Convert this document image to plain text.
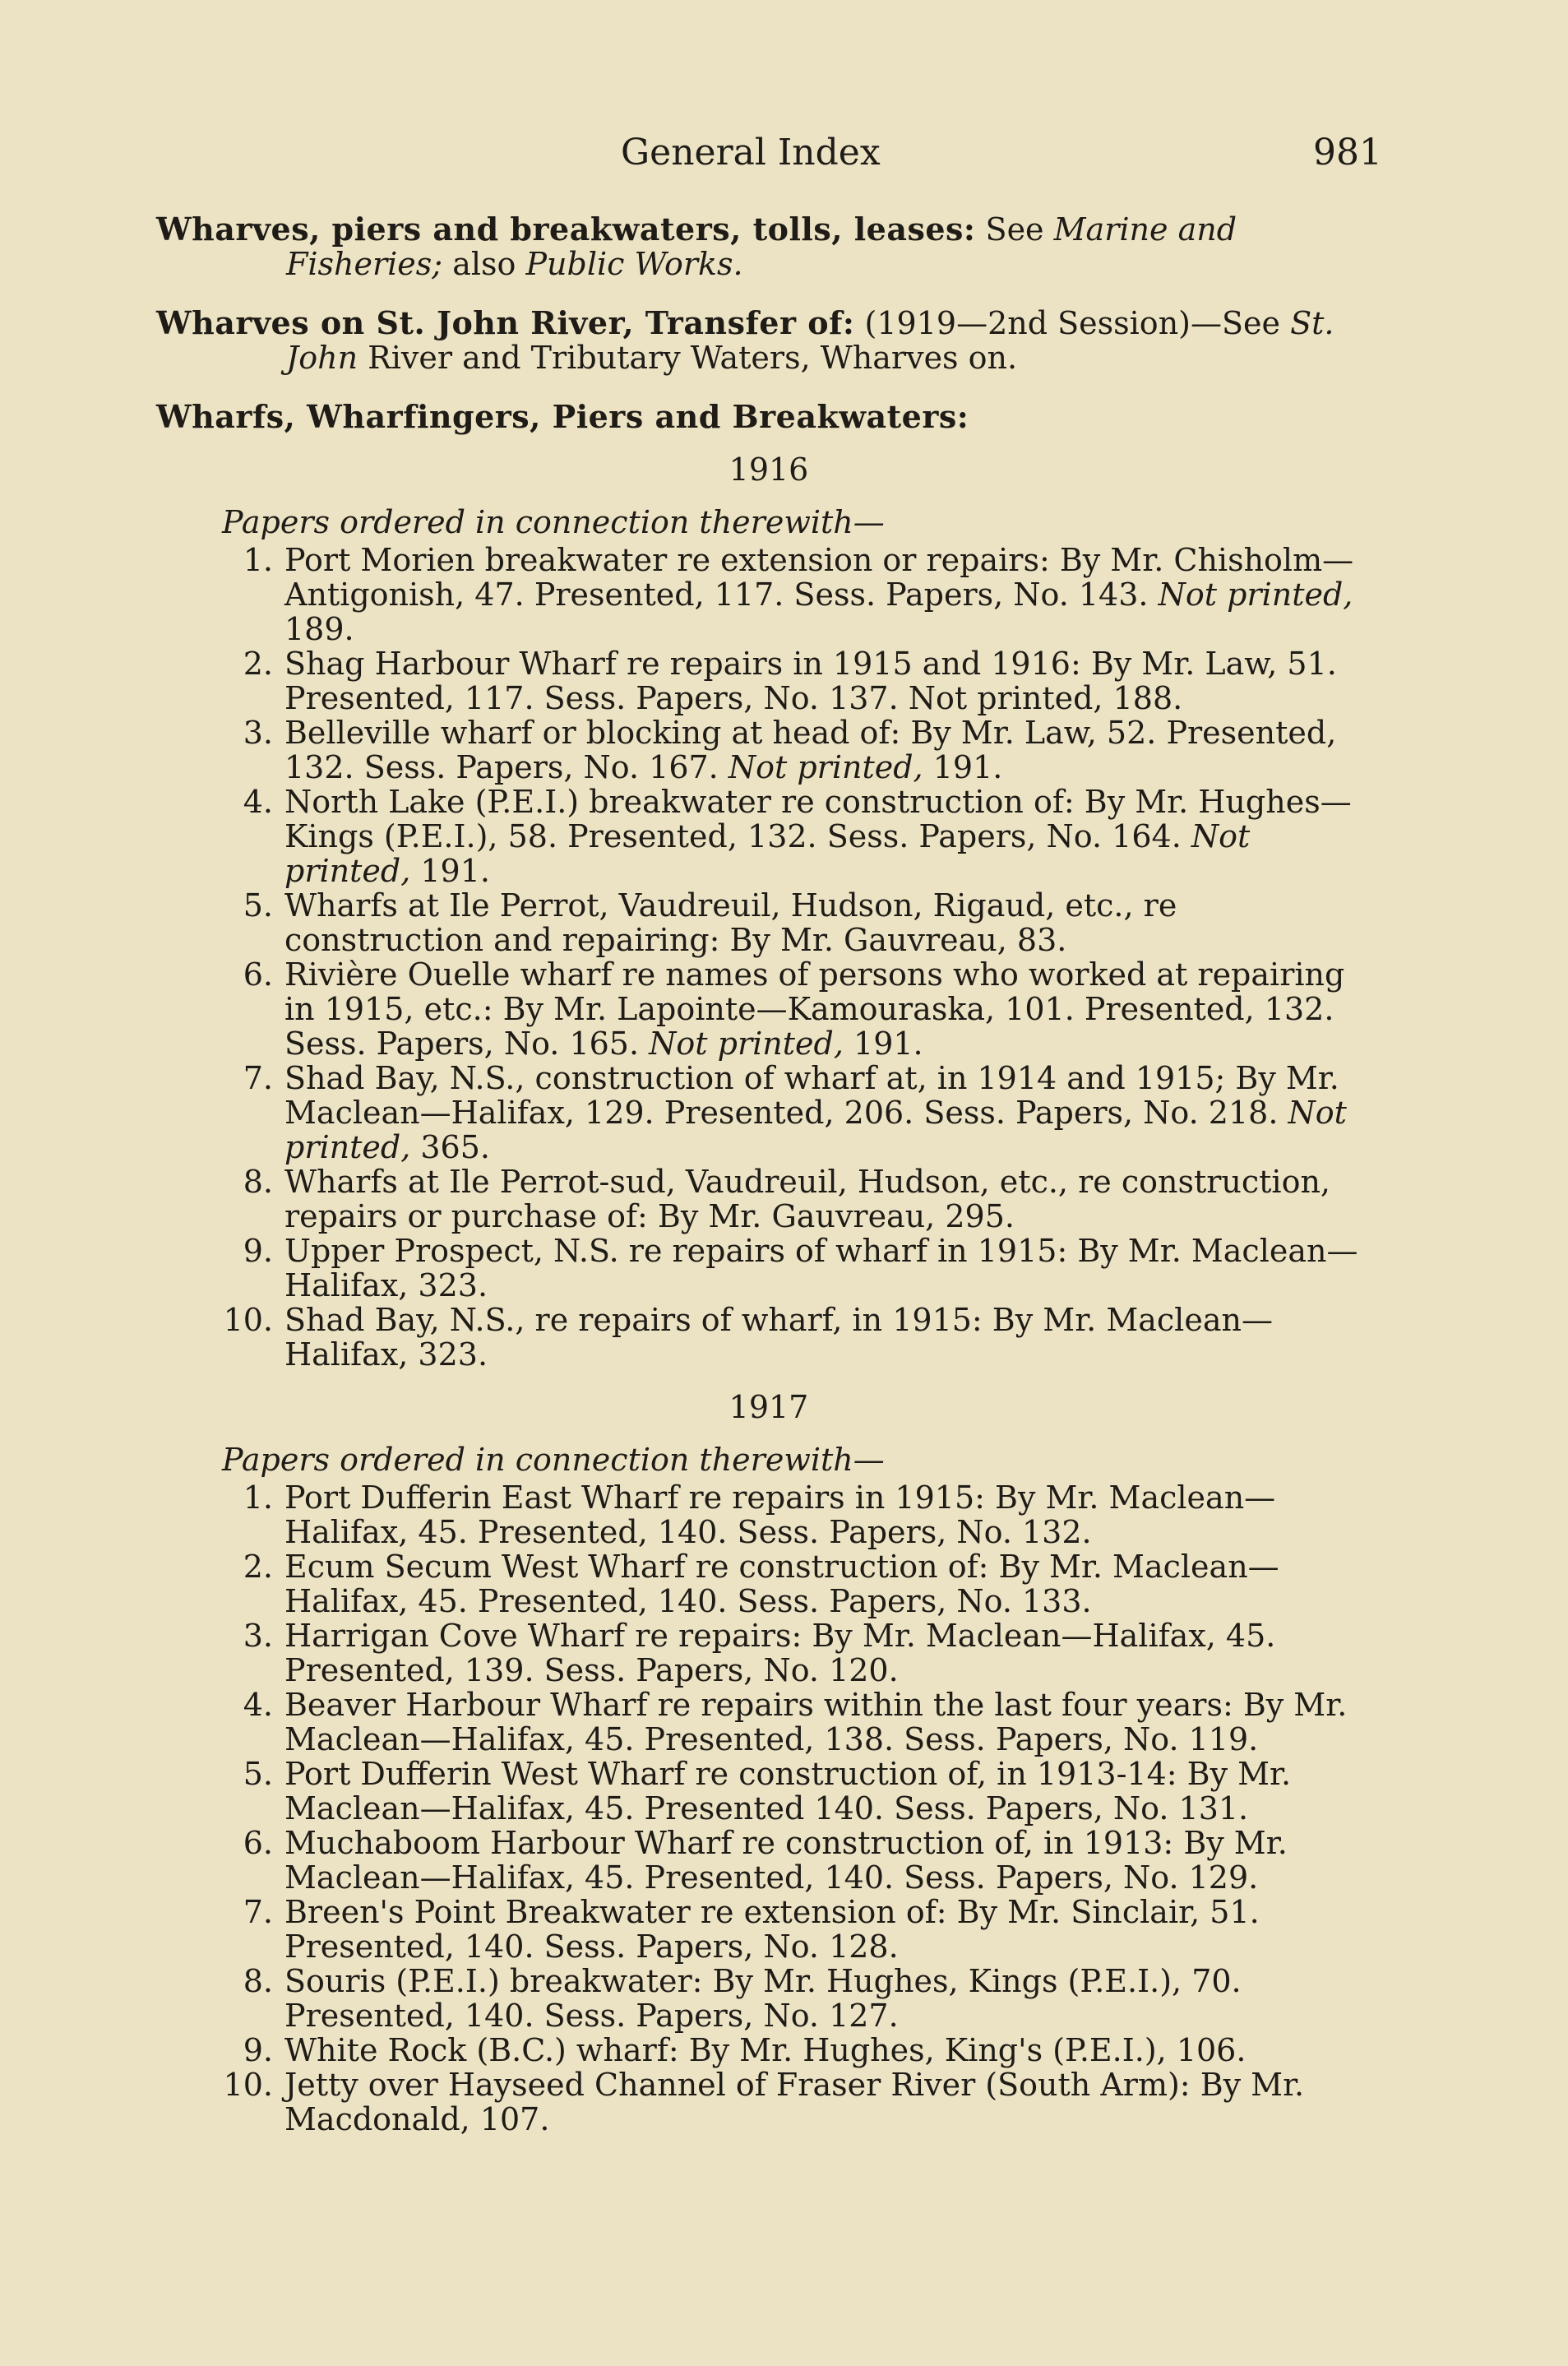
General Index	981

Wharves, piers and breakwaters, tolls, leases: See Marine and Fisheries; also Public Works.

Wharves on St. John River, Transfer of: (1919—2nd Session)—See St. John River and Tributary Waters, Wharves on.

Wharfs, Wharfingers, Piers and Breakwaters:

1916
Papers ordered in connection therewith—
1. Port Morien breakwater re extension or repairs: By Mr. Chisholm—Antigonish, 47. Presented, 117. Sess. Papers, No. 143. Not printed, 189.
2. Shag Harbour Wharf re repairs in 1915 and 1916: By Mr. Law, 51. Presented, 117. Sess. Papers, No. 137. Not printed, 188.
3. Belleville wharf or blocking at head of: By Mr. Law, 52. Presented, 132. Sess. Papers, No. 167. Not printed, 191.
4. North Lake (P.E.I.) breakwater re construction of: By Mr. Hughes—Kings (P.E.I.), 58. Presented, 132. Sess. Papers, No. 164. Not printed, 191.
5. Wharfs at Ile Perrot, Vaudreuil, Hudson, Rigaud, etc., re construction and repairing: By Mr. Gauvreau, 83.
6. Rivière Ouelle wharf re names of persons who worked at repairing in 1915, etc.: By Mr. Lapointe—Kamouraska, 101. Presented, 132. Sess. Papers, No. 165. Not printed, 191.
7. Shad Bay, N.S., construction of wharf at, in 1914 and 1915; By Mr. Maclean—Halifax, 129. Presented, 206. Sess. Papers, No. 218. Not printed, 365.
8. Wharfs at Ile Perrot-sud, Vaudreuil, Hudson, etc., re construction, repairs or purchase of: By Mr. Gauvreau, 295.
9. Upper Prospect, N.S. re repairs of wharf in 1915: By Mr. Maclean—Halifax, 323.
10. Shad Bay, N.S., re repairs of wharf, in 1915: By Mr. Maclean—Halifax, 323.
1917
Papers ordered in connection therewith—
1. Port Dufferin East Wharf re repairs in 1915: By Mr. Maclean—Halifax, 45. Presented, 140. Sess. Papers, No. 132.
2. Ecum Secum West Wharf re construction of: By Mr. Maclean—Halifax, 45. Presented, 140. Sess. Papers, No. 133.
3. Harrigan Cove Wharf re repairs: By Mr. Maclean—Halifax, 45. Presented, 139. Sess. Papers, No. 120.
4. Beaver Harbour Wharf re repairs within the last four years: By Mr. Maclean—Halifax, 45. Presented, 138. Sess. Papers, No. 119.
5. Port Dufferin West Wharf re construction of, in 1913-14: By Mr. Maclean—Halifax, 45. Presented 140. Sess. Papers, No. 131.
6. Muchaboom Harbour Wharf re construction of, in 1913: By Mr. Maclean—Halifax, 45. Presented, 140. Sess. Papers, No. 129.
7. Breen's Point Breakwater re extension of: By Mr. Sinclair, 51. Presented, 140. Sess. Papers, No. 128.
8. Souris (P.E.I.) breakwater: By Mr. Hughes, Kings (P.E.I.), 70. Presented, 140. Sess. Papers, No. 127.
9. White Rock (B.C.) wharf: By Mr. Hughes, King's (P.E.I.), 106.
10. Jetty over Hayseed Channel of Fraser River (South Arm): By Mr. Macdonald, 107.
